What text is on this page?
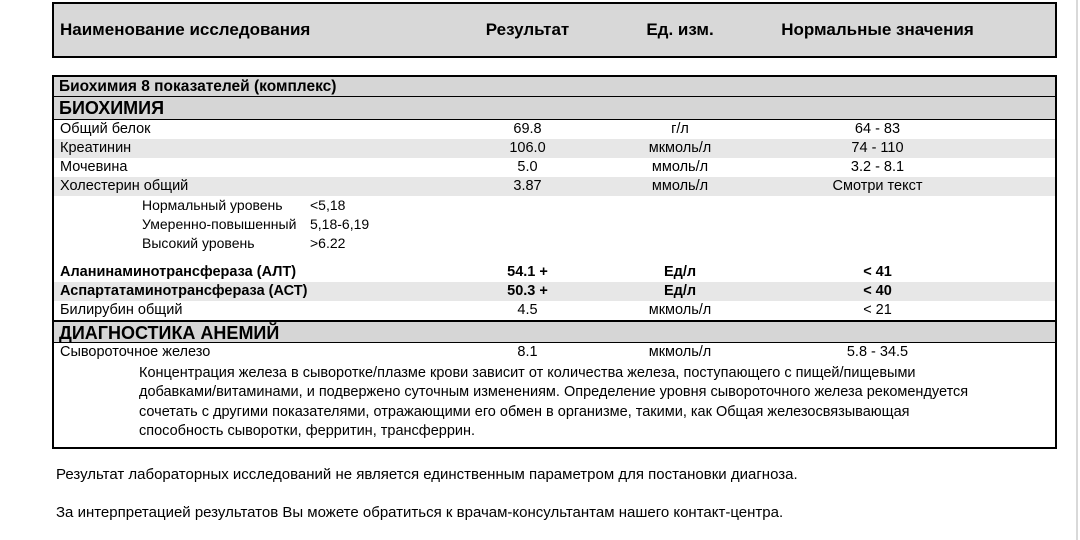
Наименование исследования	Результат	Ед. изм.	Нормальные значения
Биохимия 8 показателей (комплекс)
БИОХИМИЯ
Общий белок	69.8	г/л	64 - 83
Креатинин	106.0	мкмоль/л	74 - 110
Мочевина	5.0	ммоль/л	3.2 - 8.1
Холестерин общий	3.87	ммоль/л	Смотри текст
Нормальный уровень <5,18
Умеренно-повышенный 5,18-6,19
Высокий уровень	>6.22
Аланинаминотрансфераза (АЛТ)	54.1 +	Ед/л	< 41
Аспартатаминотрансфераза (АСТ)	50.3 +	Ед/л	< 40
Билирубин общий	4.5	мкмоль/л	< 21
ДИАГНОСТИКА АНЕМИЙ
Сывороточное железо	8.1	мкмоль/л	5.8 - 34.5
Концентрация железа в сыворотке/плазме крови зависит от количества железа, поступающего с пищей/пищевыми
добавками/витаминами, и подвержено суточным изменениям. Определение уровня сывороточного железа рекомендуется
сочетать с другими показателями, отражающими его обмен в организме, такими, как Общая железосвязывающая
способность сыворотки, ферритин, трансферрин.
Результат лабораторных исследований не является единственным параметром для постановки диагноза.
За интерпретацией результатов Вы можете обратиться к врачам-консультантам нашего контакт-центра.
